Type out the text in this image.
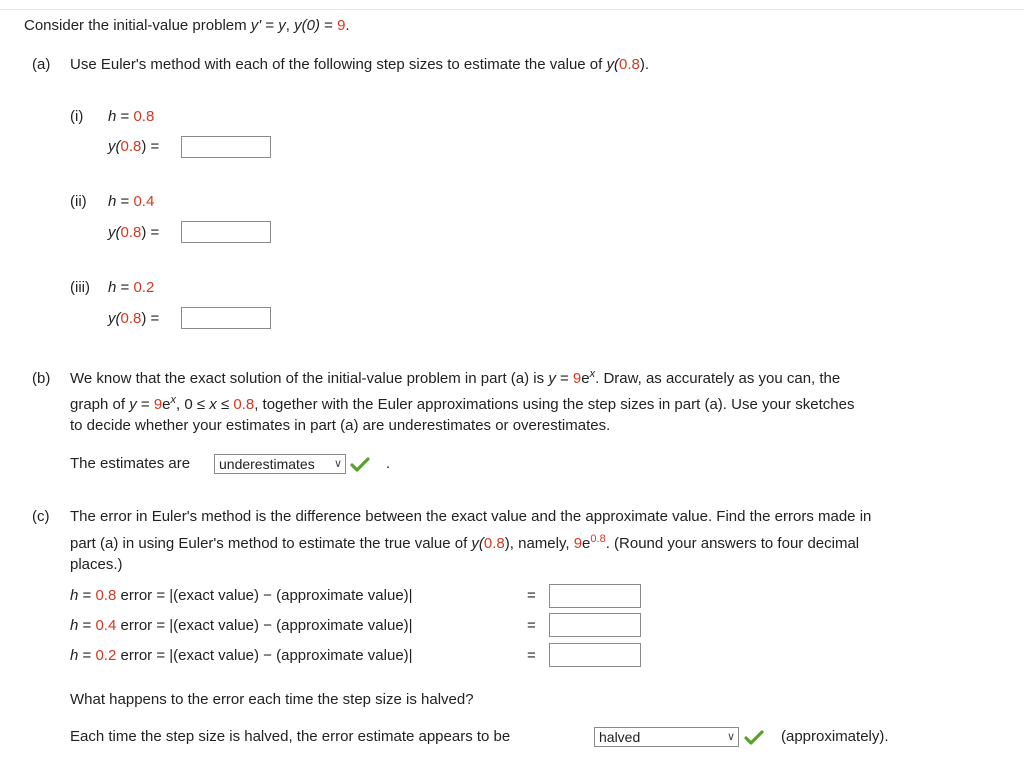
Consider the initial-value problem y' = y, y(0) = 9.
(a) Use Euler's method with each of the following step sizes to estimate the value of y(0.8).
(i) h = 0.8
y(0.8) =
(ii) h = 0.4
y(0.8) =
(iii) h = 0.2
y(0.8) =
(b) We know that the exact solution of the initial-value problem in part (a) is $y = 9e^x$. Draw, as accurately as you can, the
graph of $y = 9e^x$, 0 ≤ x ≤ 0.8, together with the Euler approximations using the step sizes in part (a). Use your sketches
to decide whether your estimates in part (a) are underestimates or overestimates.
The estimates are	underestimates ∨	.
(c) The error in Euler's method is the difference between the exact value and the approximate value. Find the errors made in
part (a) in using Euler's method to estimate the true value of y(0.8), namely, $9e^{0.8}$. (Round your answers to four decimal
places.)
h = 0.8 error = |(exact value) − (approximate value)|	=
h = 0.4 error = |(exact value) − (approximate value)|	=
h = 0.2 error = |(exact value) − (approximate value)|	=
What happens to the error each time the step size is halved?
Each time the step size is halved, the error estimate appears to be	halved	∨	(approximately).
